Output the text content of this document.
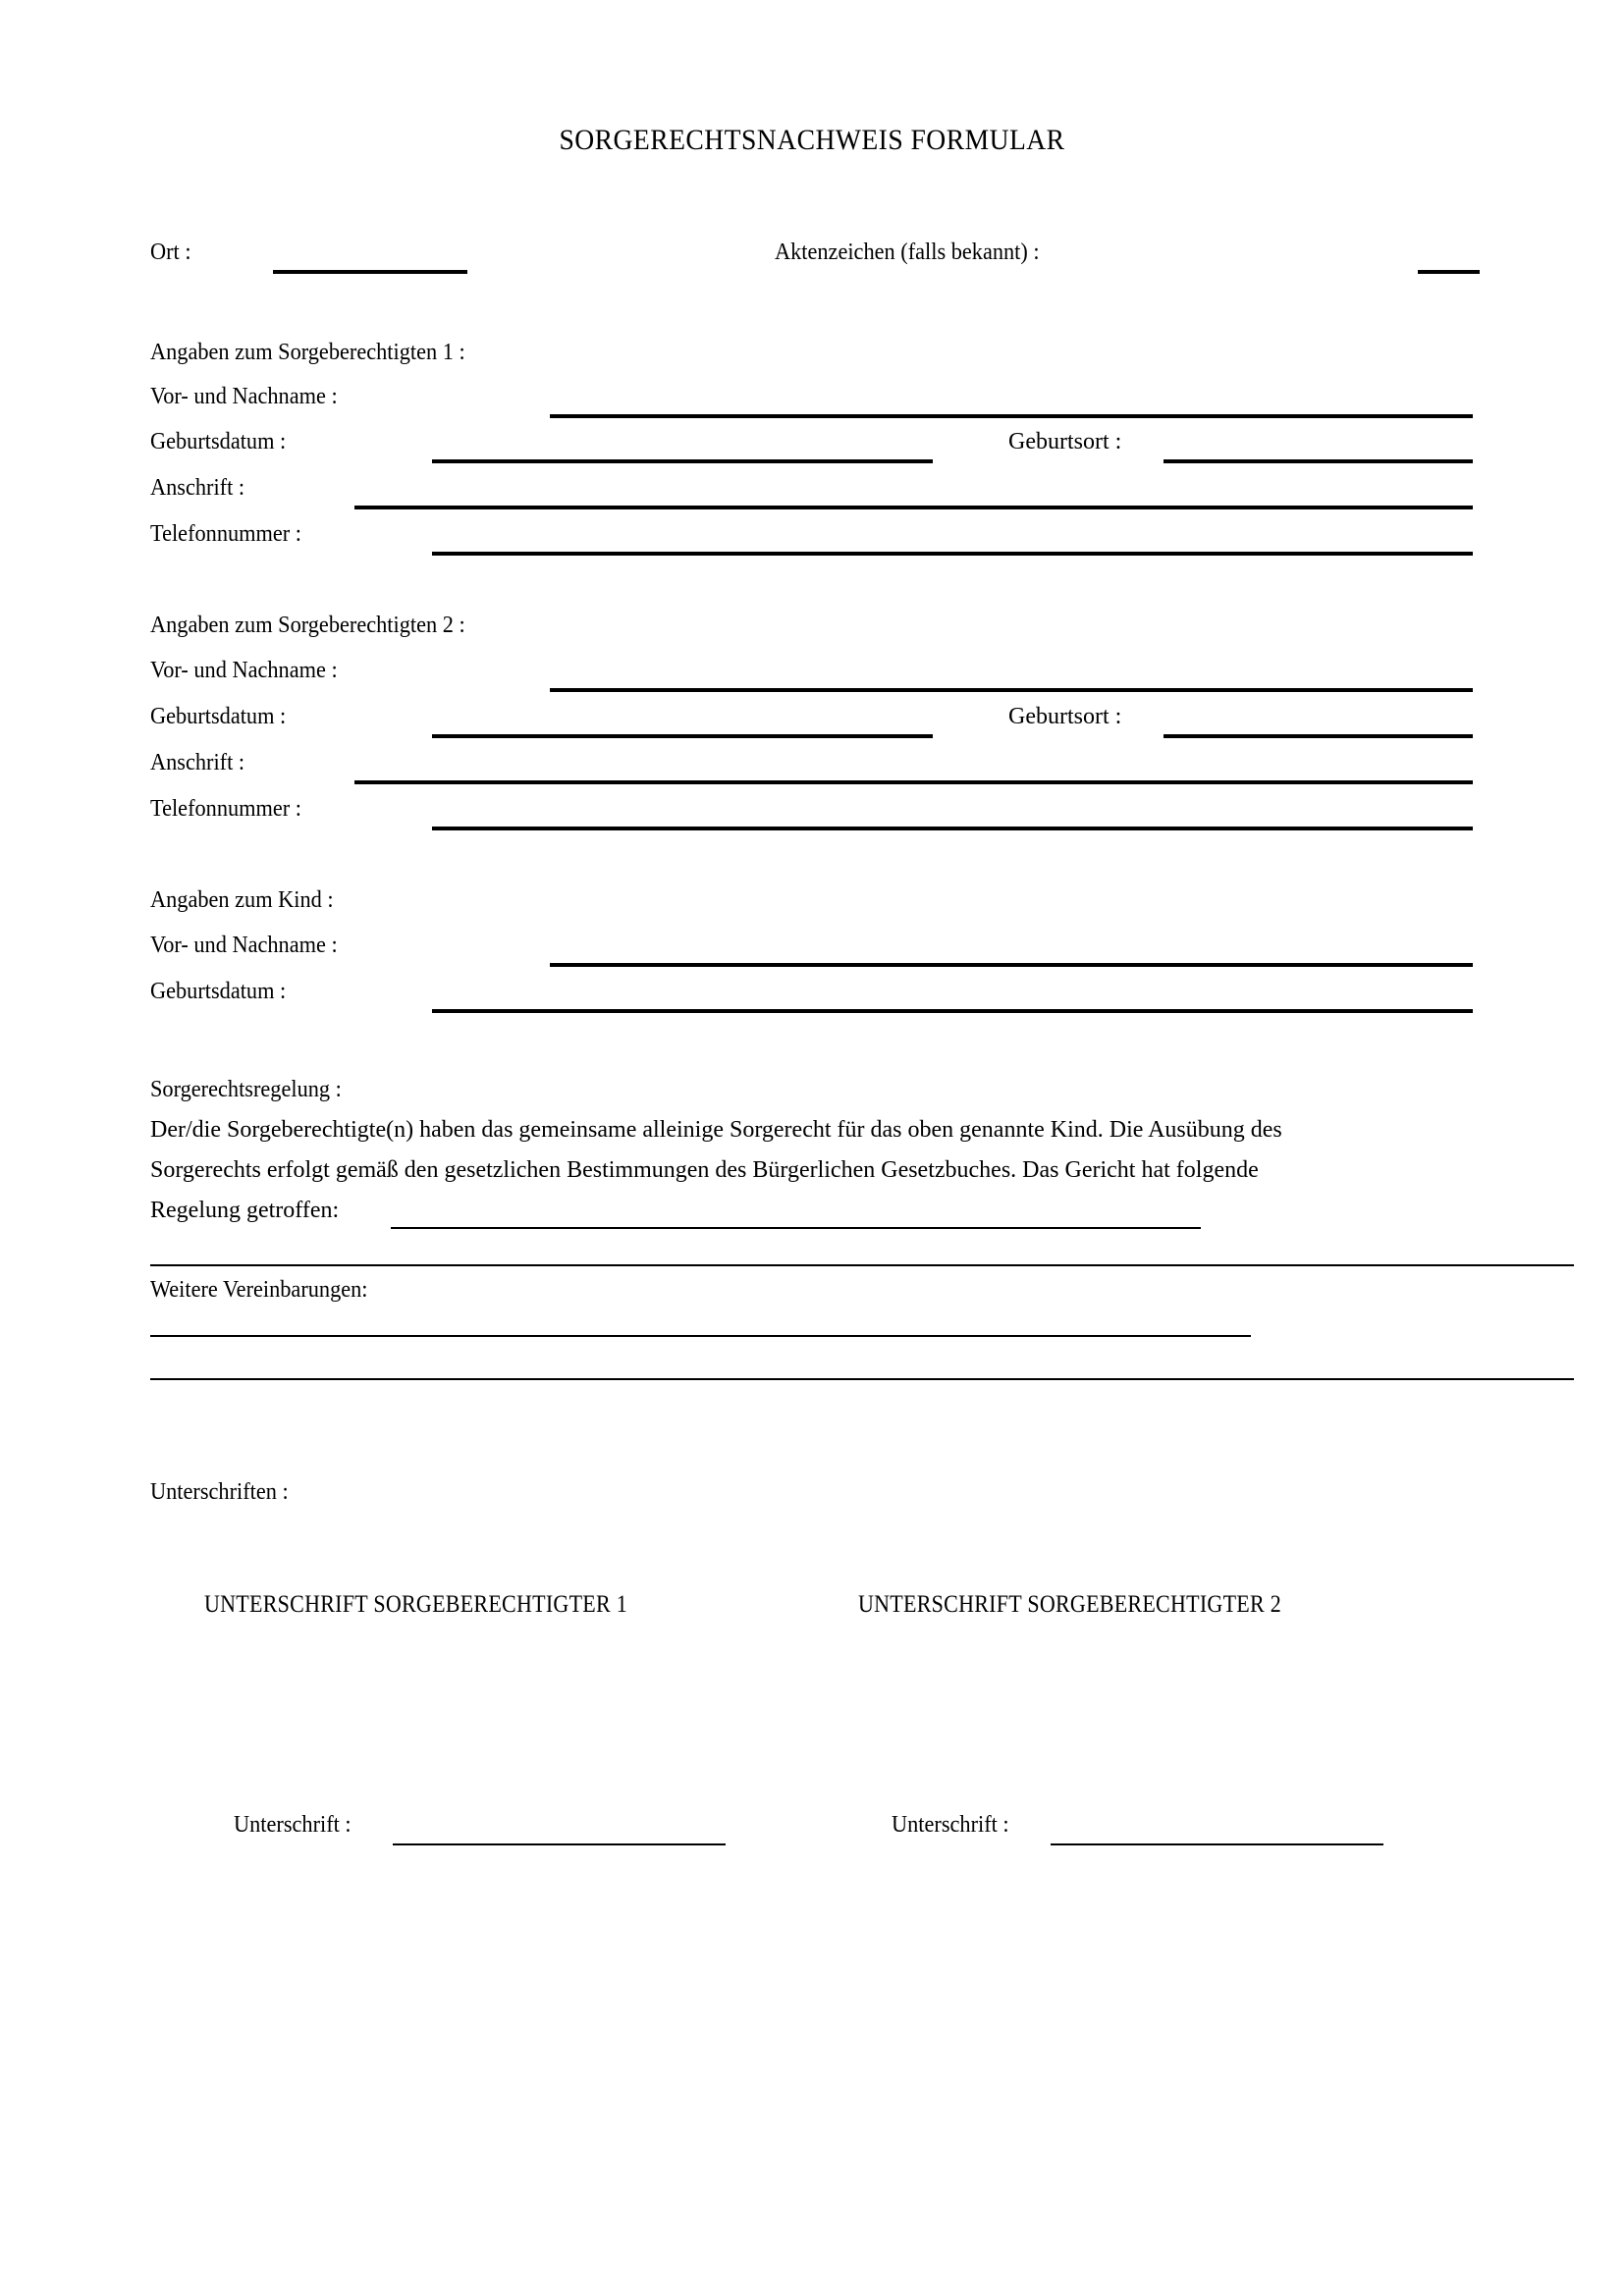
SORGERECHTSNACHWEIS FORMULAR
Ort :	Aktenzeichen (falls bekannt) :
Angaben zum Sorgeberechtigten 1 :
Vor- und Nachname :
Geburtsdatum :	Geburtsort :
Anschrift :
Telefonnummer :
Angaben zum Sorgeberechtigten 2 :
Vor- und Nachname :
Geburtsdatum :	Geburtsort :
Anschrift :
Telefonnummer :
Angaben zum Kind :
Vor- und Nachname :
Geburtsdatum :
Sorgerechtsregelung :
Der/die Sorgeberechtigte(n) haben das gemeinsame alleinige Sorgerecht für das oben genannte Kind. Die Ausübung des
Sorgerechts erfolgt gemäß den gesetzlichen Bestimmungen des Bürgerlichen Gesetzbuches. Das Gericht hat folgende
Regelung getroffen:
Weitere Vereinbarungen:
Unterschriften :
UNTERSCHRIFT SORGEBERECHTIGTER 1	UNTERSCHRIFT SORGEBERECHTIGTER 2
Unterschrift :	Unterschrift :
